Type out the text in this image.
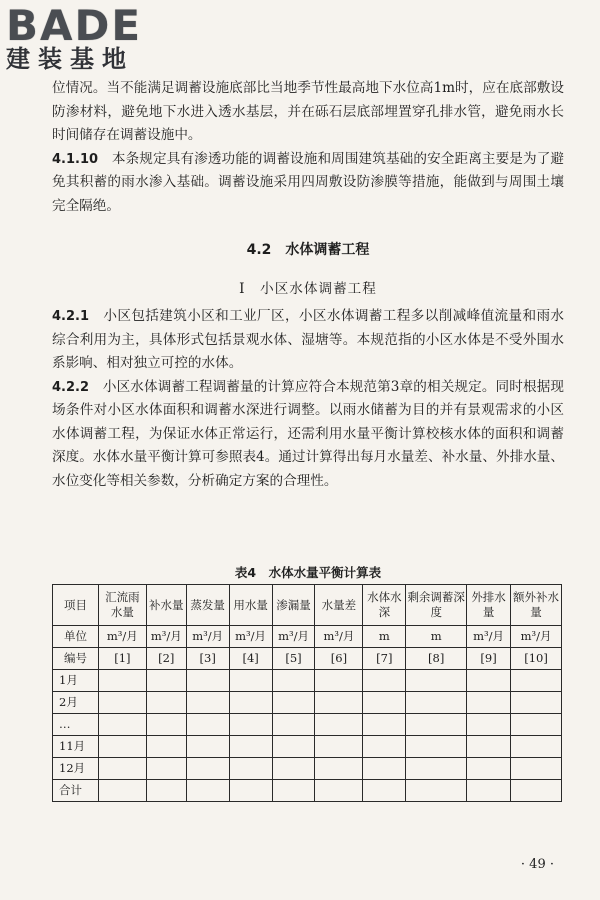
BADE
建装基地

位情况。当不能满足调蓄设施底部比当地季节性最高地下水位高1m时，应在底部敷设防渗材料，避免地下水进入透水基层，并在砾石层底部埋置穿孔排水管，避免雨水长时间储存在调蓄设施中。

4.1.10　 本条规定具有渗透功能的调蓄设施和周围建筑基础的安全距离主要是为了避免其积蓄的雨水渗入基础。调蓄设施采用四周敷设防渗膜等措施，能做到与周围土壤完全隔绝。

4.2　水体调蓄工程
Ⅰ　小区水体调蓄工程

4.2.1　 小区包括建筑小区和工业厂区，小区水体调蓄工程多以削减峰值流量和雨水综合利用为主，具体形式包括景观水体、湿塘等。本规范指的小区水体是不受外围水系影响、相对独立可控的水体。

4.2.2　 小区水体调蓄工程调蓄量的计算应符合本规范第3章的相关规定。同时根据现场条件对小区水体面积和调蓄水深进行调整。以雨水储蓄为目的并有景观需求的小区水体调蓄工程，为保证水体正常运行，还需利用水量平衡计算校核水体的面积和调蓄深度。水体水量平衡计算可参照表4。通过计算得出每月水量差、补水量、外排水量、水位变化等相关参数，分析确定方案的合理性。

表4　水体水量平衡计算表
项目	汇流雨水量	补水量	蒸发量	用水量	渗漏量	水量差	水体水深	剩余调蓄深度	外排水量	额外补水量
单位	m³/月	m³/月	m³/月	m³/月	m³/月	m³/月	m	m	m³/月	m³/月
编号	[1]	[2]	[3]	[4]	[5]	[6]	[7]	[8]	[9]	[10]
1月										
2月										
…										
11月										
12月										
合计										
· 49 ·
